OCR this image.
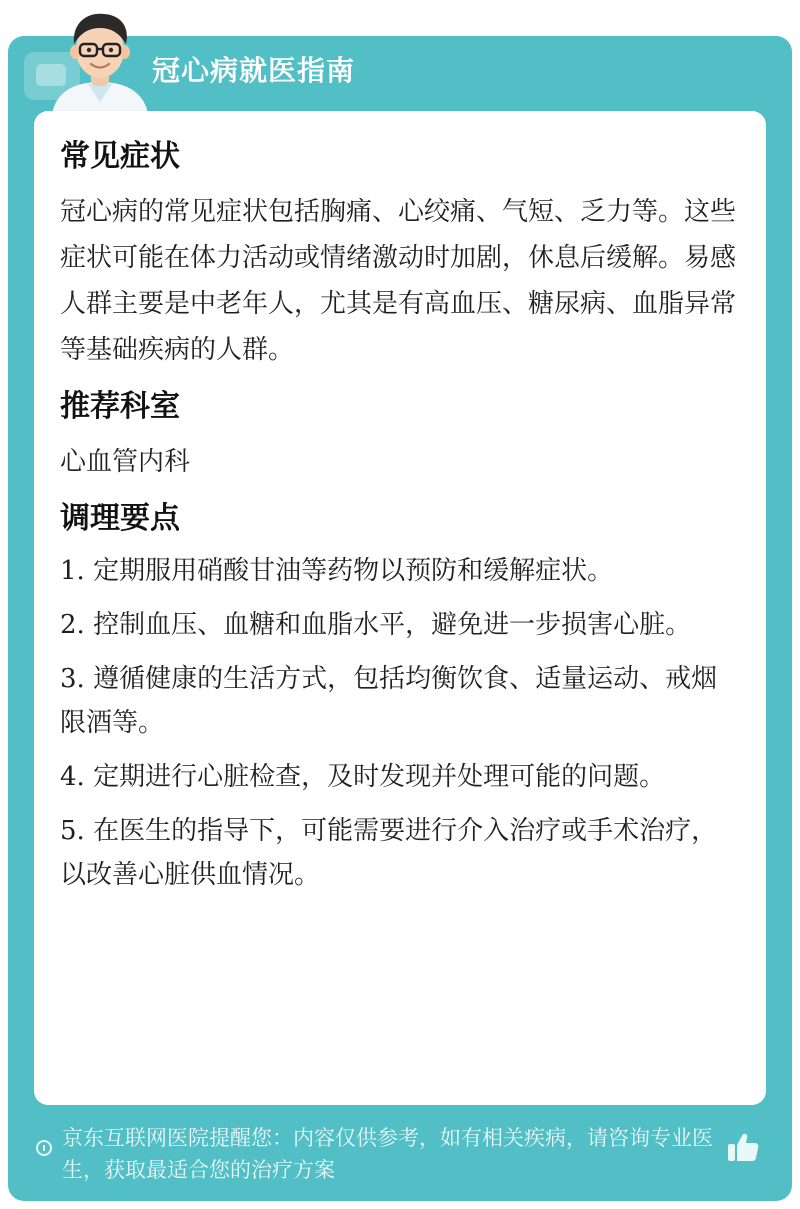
冠心病就医指南
常见症状

冠心病的常见症状包括胸痛、心绞痛、气短、乏力等。这些症状可能在体力活动或情绪激动时加剧，休息后缓解。易感人群主要是中老年人，尤其是有高血压、糖尿病、血脂异常等基础疾病的人群。

推荐科室

心血管内科

调理要点
1. 定期服用硝酸甘油等药物以预防和缓解症状。
2. 控制血压、血糖和血脂水平，避免进一步损害心脏。
3. 遵循健康的生活方式，包括均衡饮食、适量运动、戒烟限酒等。
4. 定期进行心脏检查，及时发现并处理可能的问题。
5. 在医生的指导下，可能需要进行介入治疗或手术治疗，以改善心脏供血情况。
京东互联网医院提醒您：内容仅供参考，如有相关疾病，请咨询专业医生，获取最适合您的治疗方案
